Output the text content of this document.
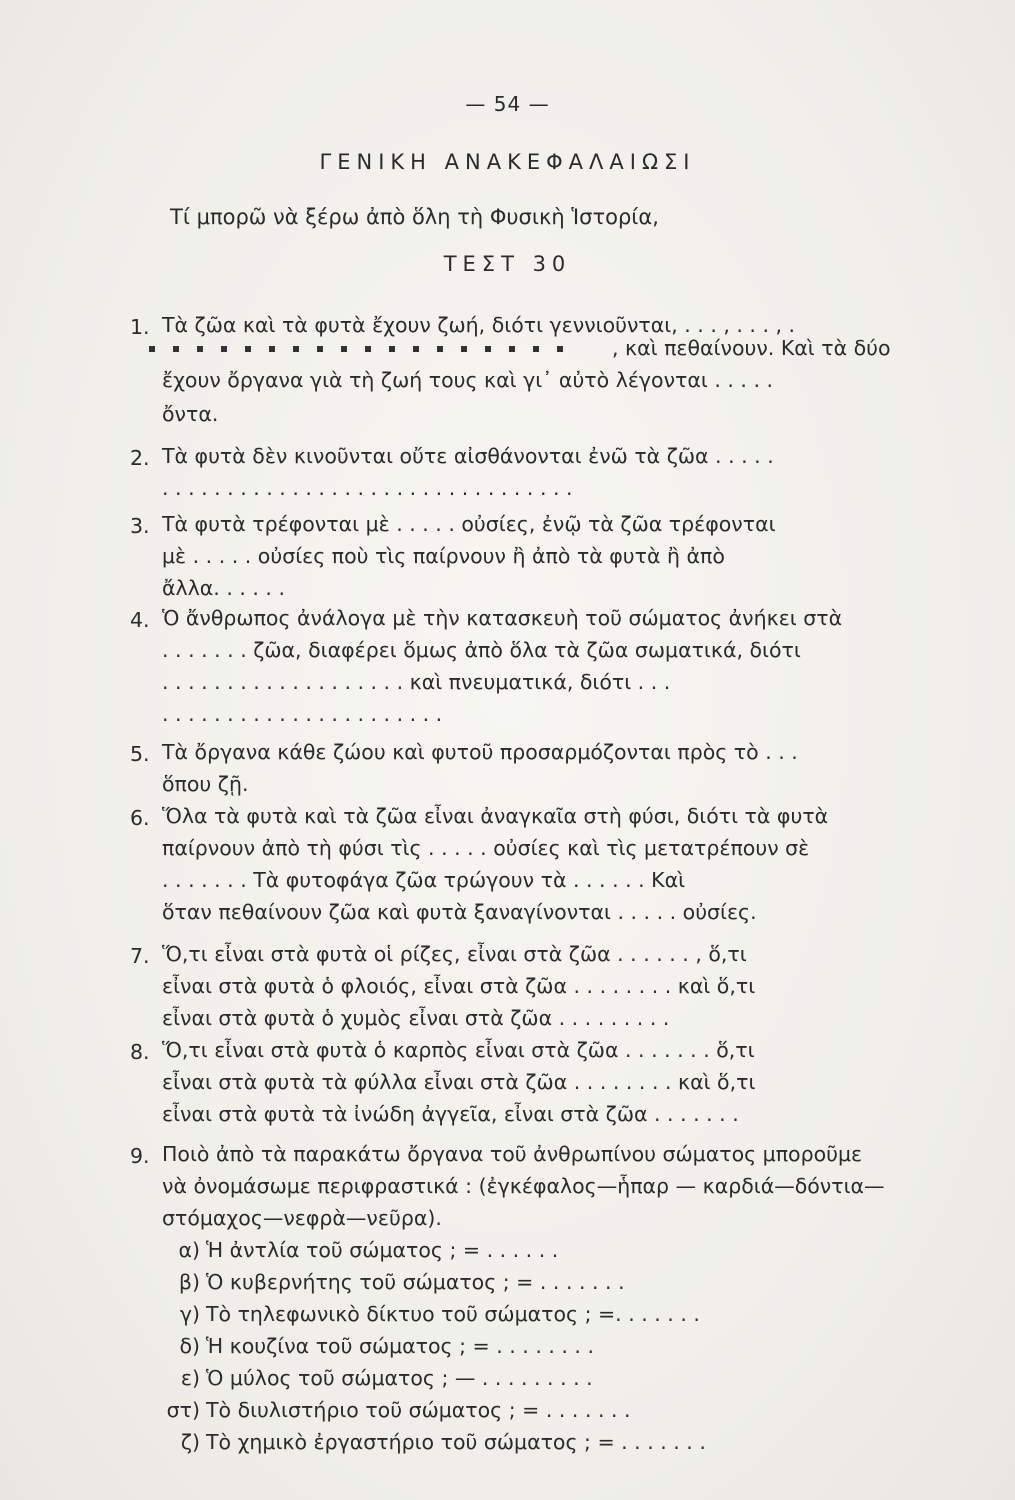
— 54 —
ΓΕΝΙΚΗ ΑΝΑΚΕΦΑΛΑΙΩΣΙ
Τί μπορῶ νὰ ξέρω ἀπὸ ὅλη τὴ Φυσικὴ Ἱστορία,
ΤΕΣΤ 30
1. Τὰ ζῶα καὶ τὰ φυτὰ ἔχουν ζωή, διότι γεννιοῦνται, . . . , . . . , .
, καὶ πεθαίνουν. Καὶ τὰ δύο
ἔχουν ὄργανα γιὰ τὴ ζωή τους καὶ γι᾽ αὐτὸ λέγονται . . . . .
ὄντα.
2. Τὰ φυτὰ δὲν κινοῦνται οὔτε αἰσθάνονται ἐνῶ τὰ ζῶα . . . . .
. . . . . . . . . . . . . . . . . . . . . . . . . . . . . . . .
3. Τὰ φυτὰ τρέφονται μὲ . . . . . οὐσίες, ἐνῷ τὰ ζῶα τρέφονται
μὲ . . . . . οὐσίες ποὺ τὶς παίρνουν ἢ ἀπὸ τὰ φυτὰ ἢ ἀπὸ
ἄλλα. . . . . .
4. Ὁ ἄνθρωπος ἀνάλογα μὲ τὴν κατασκευὴ τοῦ σώματος ἀνήκει στὰ
. . . . . . . ζῶα, διαφέρει ὅμως ἀπὸ ὅλα τὰ ζῶα σωματικά, διότι
. . . . . . . . . . . . . . . . . . . καὶ πνευματικά, διότι . . .
. . . . . . . . . . . . . . . . . . . . . .
5. Τὰ ὄργανα κάθε ζώου καὶ φυτοῦ προσαρμόζονται πρὸς τὸ . . .
ὅπου ζῇ.
6. Ὅλα τὰ φυτὰ καὶ τὰ ζῶα εἶναι ἀναγκαῖα στὴ φύσι, διότι τὰ φυτὰ
παίρνουν ἀπὸ τὴ φύσι τὶς . . . . . οὐσίες καὶ τὶς μετατρέπουν σὲ
. . . . . . . Τὰ φυτοφάγα ζῶα τρώγουν τὰ . . . . . . Καὶ
ὅταν πεθαίνουν ζῶα καὶ φυτὰ ξαναγίνονται . . . . . οὐσίες.
7. Ὅ,τι εἶναι στὰ φυτὰ οἱ ρίζες, εἶναι στὰ ζῶα . . . . . . , ὅ,τι
εἶναι στὰ φυτὰ ὁ φλοιός, εἶναι στὰ ζῶα . . . . . . . . καὶ ὅ,τι
εἶναι στὰ φυτὰ ὁ χυμὸς εἶναι στὰ ζῶα . . . . . . . . .
8. Ὅ,τι εἶναι στὰ φυτὰ ὁ καρπὸς εἶναι στὰ ζῶα . . . . . . . ὅ,τι
εἶναι στὰ φυτὰ τὰ φύλλα εἶναι στὰ ζῶα . . . . . . . . καὶ ὅ,τι
εἶναι στὰ φυτὰ τὰ ἰνώδη ἀγγεῖα, εἶναι στὰ ζῶα . . . . . . .
9. Ποιὸ ἀπὸ τὰ παρακάτω ὄργανα τοῦ ἀνθρωπίνου σώματος μποροῦμε
νὰ ὀνομάσωμε περιφραστικά : (ἐγκέφαλος—ἧπαρ — καρδιά—δόντια—
στόμαχος—νεφρὰ—νεῦρα).
α) Ἡ ἀντλία τοῦ σώματος ; = . . . . . .
β) Ὁ κυβερνήτης τοῦ σώματος ; = . . . . . . .
γ) Τὸ τηλεφωνικὸ δίκτυο τοῦ σώματος ; =. . . . . . .
δ) Ἡ κουζίνα τοῦ σώματος ; = . . . . . . . .
ε) Ὁ μύλος τοῦ σώματος ; — . . . . . . . . .
στ) Τὸ διυλιστήριο τοῦ σώματος ; = . . . . . . .
ζ) Τὸ χημικὸ ἐργαστήριο τοῦ σώματος ; = . . . . . . .
